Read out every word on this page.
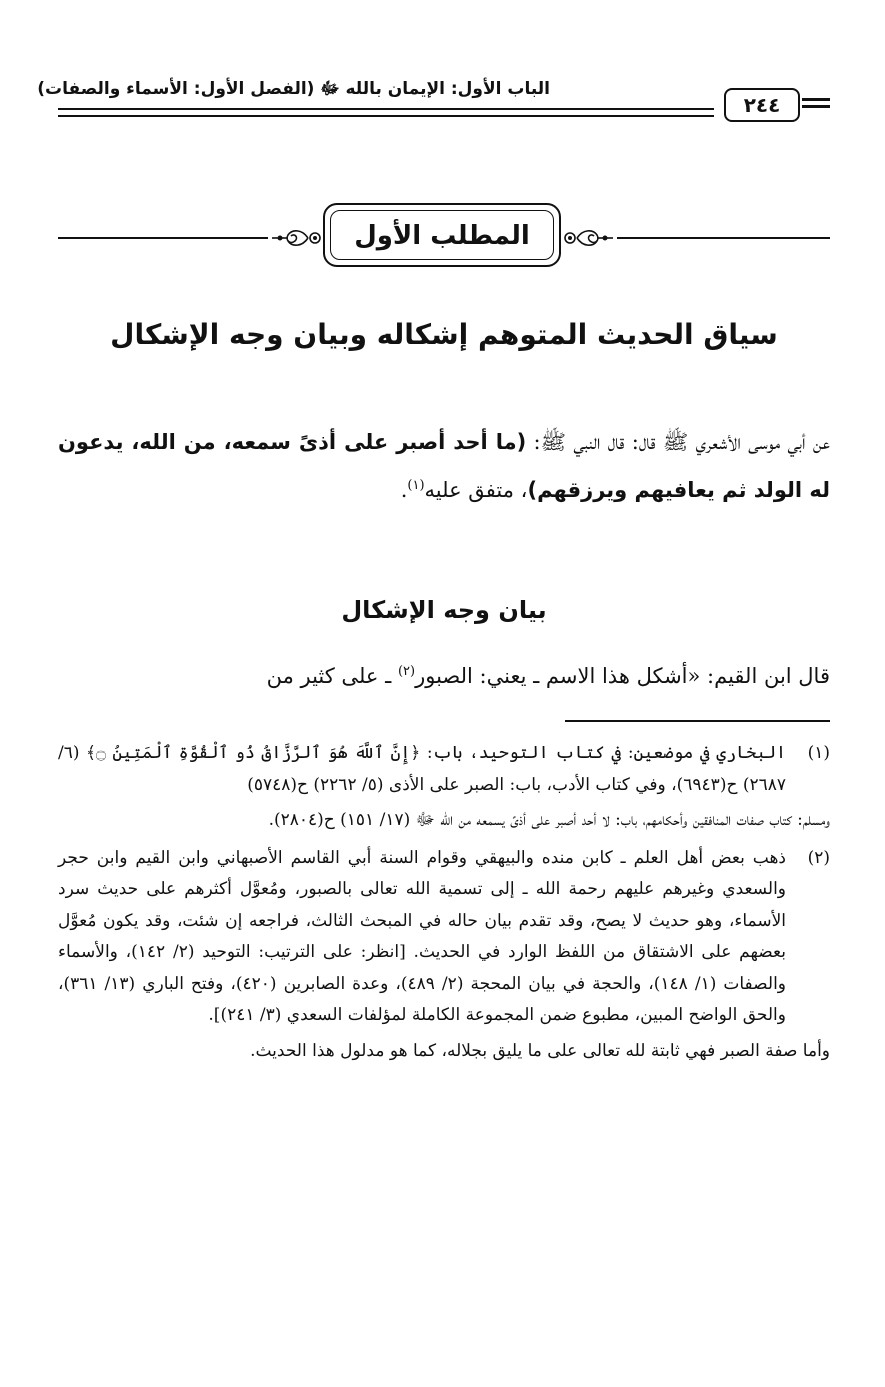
الباب الأول: الإيمان بالله ﷻ (الفصل الأول: الأسماء والصفات)
٢٤٤
المطلب الأول
سياق الحديث المتوهم إشكاله وبيان وجه الإشكال
عن أبي موسى الأشعري ﷺ قال: قال النبي ﷺ: (ما أحد أصبر على أذىً سمعه، من الله، يدعون له الولد ثم يعافيهم ويرزقهم)، متفق عليه$^{(١)}$.
بيان وجه الإشكال
قال ابن القيم: «أشكل هذا الاسم ـ يعني: الصبور$^{(٢)}$ ـ على كثير من
(١)

البخاري في موضعين: في كتاب التوحيد، باب: ﴿إِنَّ ٱللَّهَ هُوَ ٱلرَّزَّاقُ ذُو ٱلْقُوَّةِ ٱلْمَتِينُ ۝﴾ (٦/ ٢٦٨٧) ح(٦٩٤٣)، وفي كتاب الأدب، باب: الصبر على الأذى (٥/ ٢٢٦٢) ح(٥٧٤٨)

ومسلم: كتاب صفات المنافقين وأحكامهم، باب: لا أحد أصبر على أذىً يسمعه من الله ﷻ (١٧/ ١٥١) ح(٢٨٠٤).
(٢)

ذهب بعض أهل العلم ـ كابن منده والبيهقي وقوام السنة أبي القاسم الأصبهاني وابن القيم وابن حجر والسعدي وغيرهم عليهم رحمة الله ـ إلى تسمية الله تعالى بالصبور، ومُعوَّل أكثرهم على حديث سرد الأسماء، وهو حديث لا يصح، وقد تقدم بيان حاله في المبحث الثالث، فراجعه إن شئت، وقد يكون مُعوَّل بعضهم على الاشتقاق من اللفظ الوارد في الحديث. [انظر: على الترتيب: التوحيد (٢/ ١٤٢)، والأسماء والصفات (١/ ١٤٨)، والحجة في بيان المحجة (٢/ ٤٨٩)، وعدة الصابرين (٤٢٠)، وفتح الباري (١٣/ ٣٦١)، والحق الواضح المبين، مطبوع ضمن المجموعة الكاملة لمؤلفات السعدي (٣/ ٢٤١)].

وأما صفة الصبر فهي ثابتة لله تعالى على ما يليق بجلاله، كما هو مدلول هذا الحديث.
